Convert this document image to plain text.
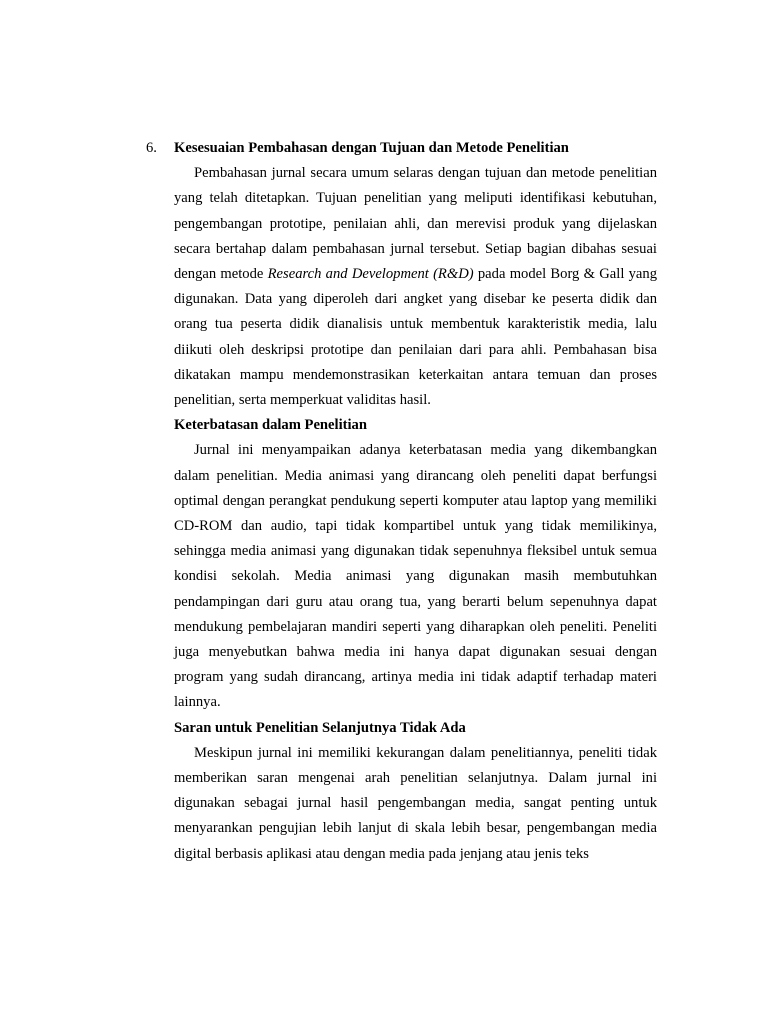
6. Kesesuaian Pembahasan dengan Tujuan dan Metode Penelitian

Pembahasan jurnal secara umum selaras dengan tujuan dan metode penelitian yang telah ditetapkan. Tujuan penelitian yang meliputi identifikasi kebutuhan, pengembangan prototipe, penilaian ahli, dan merevisi produk yang dijelaskan secara bertahap dalam pembahasan jurnal tersebut. Setiap bagian dibahas sesuai dengan metode Research and Development (R&D) pada model Borg & Gall yang digunakan. Data yang diperoleh dari angket yang disebar ke peserta didik dan orang tua peserta didik dianalisis untuk membentuk karakteristik media, lalu diikuti oleh deskripsi prototipe dan penilaian dari para ahli. Pembahasan bisa dikatakan mampu mendemonstrasikan keterkaitan antara temuan dan proses penelitian, serta memperkuat validitas hasil.

Keterbatasan dalam Penelitian

Jurnal ini menyampaikan adanya keterbatasan media yang dikembangkan dalam penelitian. Media animasi yang dirancang oleh peneliti dapat berfungsi optimal dengan perangkat pendukung seperti komputer atau laptop yang memiliki CD-ROM dan audio, tapi tidak kompartibel untuk yang tidak memilikinya, sehingga media animasi yang digunakan tidak sepenuhnya fleksibel untuk semua kondisi sekolah. Media animasi yang digunakan masih membutuhkan pendampingan dari guru atau orang tua, yang berarti belum sepenuhnya dapat mendukung pembelajaran mandiri seperti yang diharapkan oleh peneliti. Peneliti juga menyebutkan bahwa media ini hanya dapat digunakan sesuai dengan program yang sudah dirancang, artinya media ini tidak adaptif terhadap materi lainnya.

Saran untuk Penelitian Selanjutnya Tidak Ada

Meskipun jurnal ini memiliki kekurangan dalam penelitiannya, peneliti tidak memberikan saran mengenai arah penelitian selanjutnya. Dalam jurnal ini digunakan sebagai jurnal hasil pengembangan media, sangat penting untuk menyarankan pengujian lebih lanjut di skala lebih besar, pengembangan media digital berbasis aplikasi atau dengan media pada jenjang atau jenis teks
